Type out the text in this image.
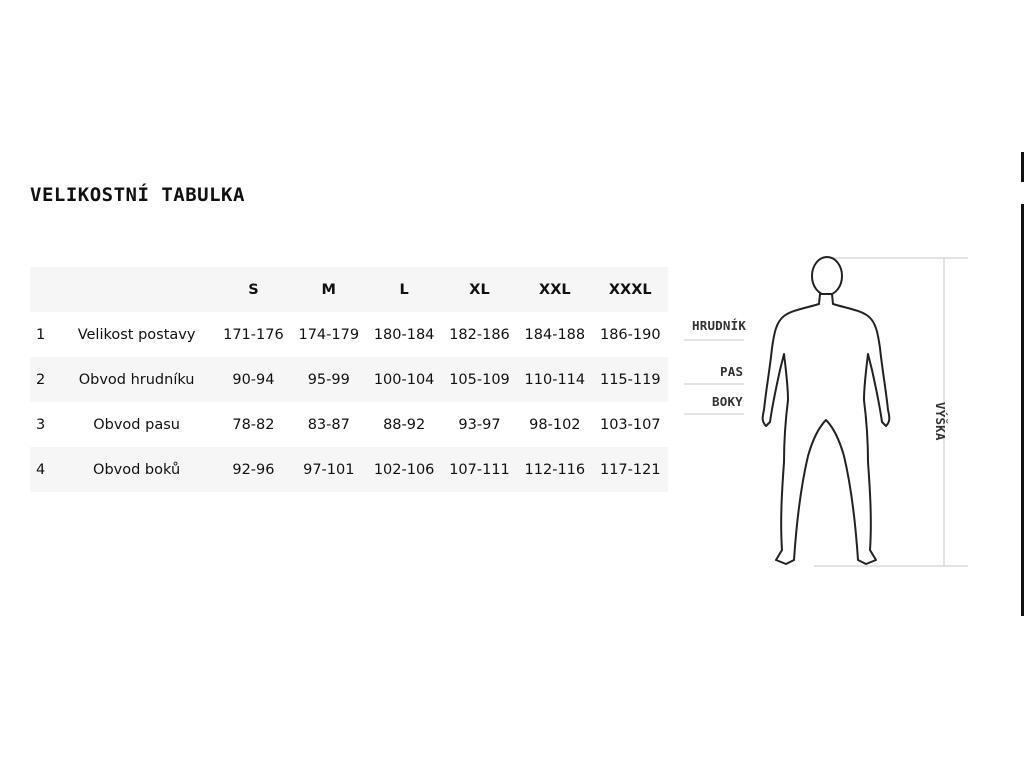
VELIKOSTNÍ TABULKA
		S	M	L	XL	XXL	XXXL
1	Velikost postavy	171-176	174-179	180-184	182-186	184-188	186-190
2	Obvod hrudníku	90-94	95-99	100-104	105-109	110-114	115-119
3	Obvod pasu	78-82	83-87	88-92	93-97	98-102	103-107
4	Obvod boků	92-96	97-101	102-106	107-111	112-116	117-121
HRUDNÍK
PAS
BOKY
VÝŠKA
